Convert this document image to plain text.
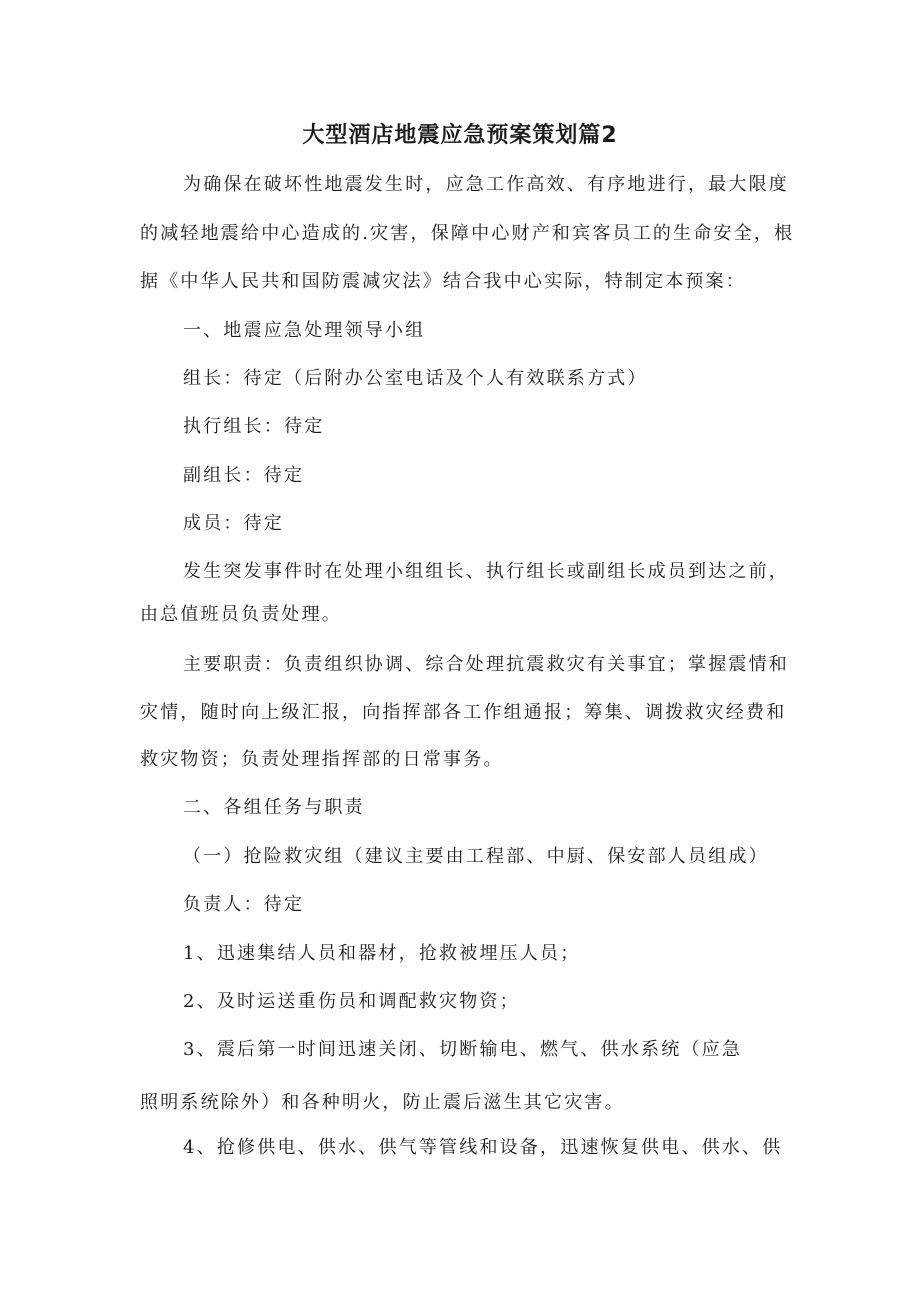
大型酒店地震应急预案策划篇2
为确保在破坏性地震发生时，应急工作高效、有序地进行，最大限度
的减轻地震给中心造成的.灾害，保障中心财产和宾客员工的生命安全，根
据《中华人民共和国防震减灾法》结合我中心实际，特制定本预案：
一、地震应急处理领导小组
组长：待定（后附办公室电话及个人有效联系方式）
执行组长：待定
副组长：待定
成员：待定
发生突发事件时在处理小组组长、执行组长或副组长成员到达之前，
由总值班员负责处理。
主要职责：负责组织协调、综合处理抗震救灾有关事宜；掌握震情和
灾情，随时向上级汇报，向指挥部各工作组通报；筹集、调拨救灾经费和
救灾物资；负责处理指挥部的日常事务。
二、各组任务与职责
（一）抢险救灾组（建议主要由工程部、中厨、保安部人员组成）
负责人：待定
1、迅速集结人员和器材，抢救被埋压人员；
2、及时运送重伤员和调配救灾物资；
3、震后第一时间迅速关闭、切断输电、燃气、供水系统（应急
照明系统除外）和各种明火，防止震后滋生其它灾害。
4、抢修供电、供水、供气等管线和设备，迅速恢复供电、供水、供
